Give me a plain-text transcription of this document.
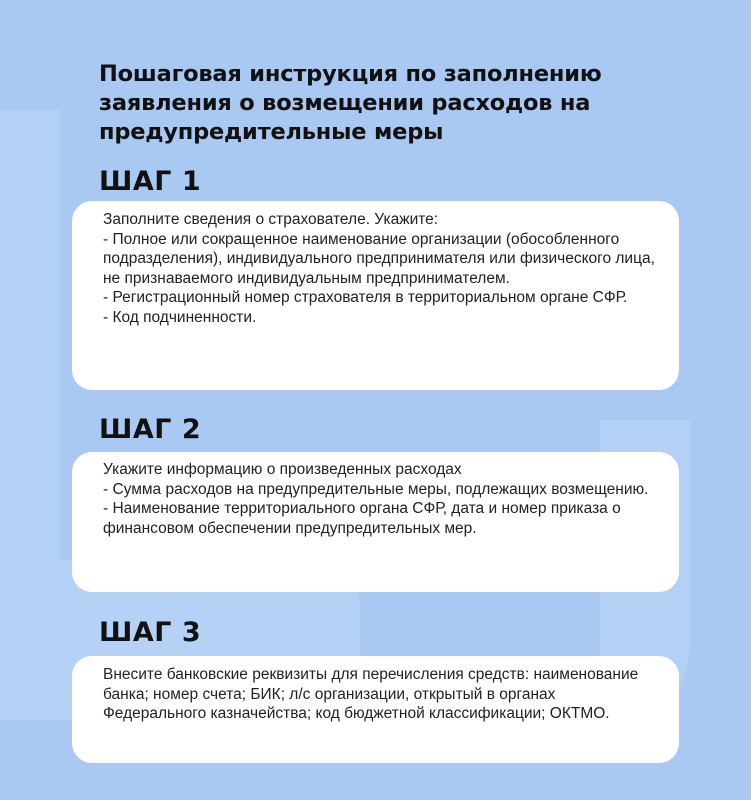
Пошаговая инструкция по заполнению заявления о возмещении расходов на предупредительные меры
ШАГ 1

Заполните сведения о страхователе. Укажите:
- Полное или сокращенное наименование организации (обособленного подразделения), индивидуального предпринимателя или физического лица, не признаваемого индивидуальным предпринимателем.
- Регистрационный номер страхователя в территориальном органе СФР.
- Код подчиненности.

ШАГ 2

Укажите информацию о произведенных расходах
- Сумма расходов на предупредительные меры, подлежащих возмещению.
- Наименование территориального органа СФР, дата и номер приказа о финансовом обеспечении предупредительных мер.

ШАГ 3

Внесите банковские реквизиты для перечисления средств: наименование банка; номер счета; БИК; л/с организации, открытый в органах Федерального казначейства; код бюджетной классификации; ОКТМО.
